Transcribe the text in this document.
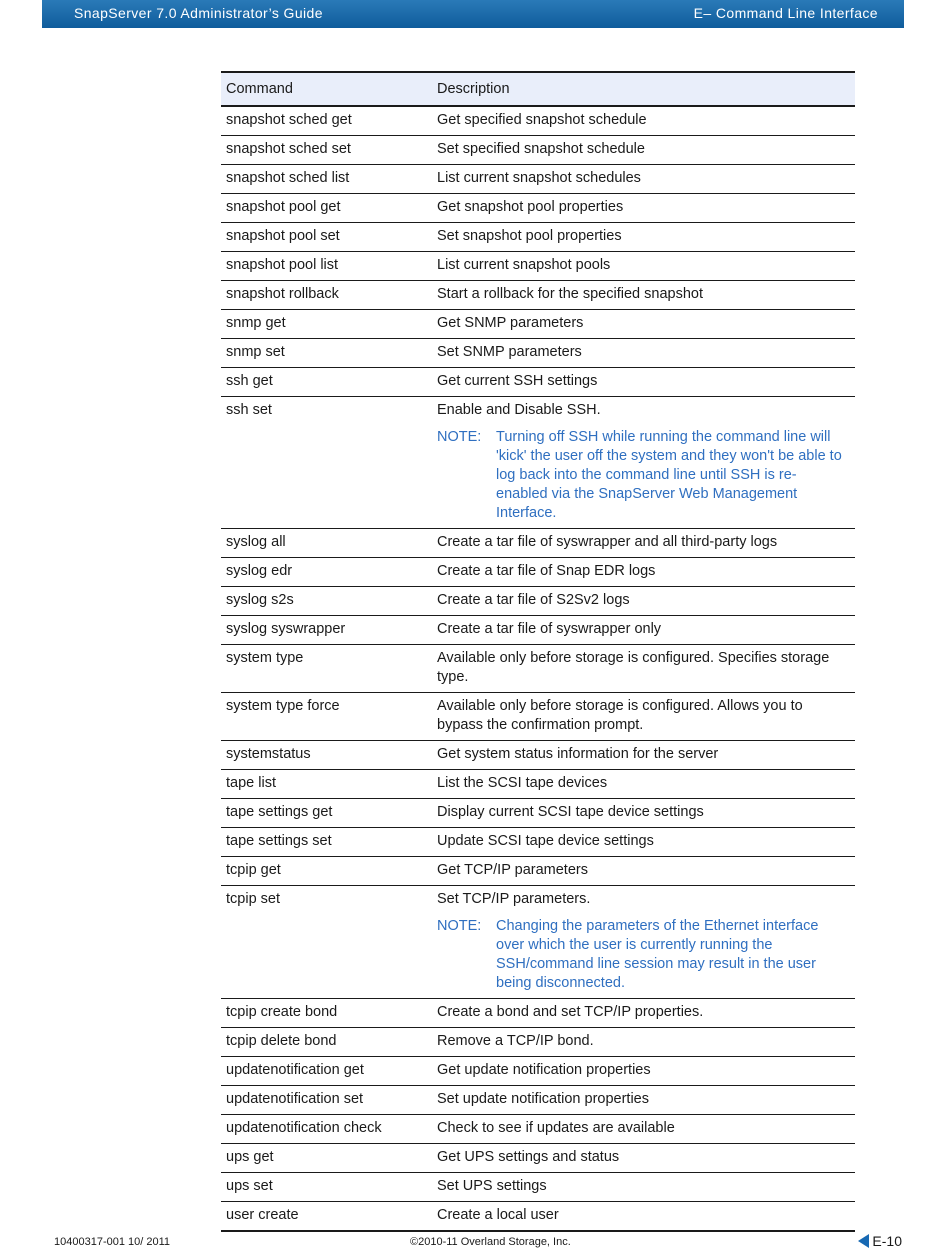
SnapServer 7.0 Administrator’s Guide	E– Command Line Interface
Command	Description
snapshot sched get	Get specified snapshot schedule

snapshot sched set	Set specified snapshot schedule

snapshot sched list	List current snapshot schedules

snapshot pool get	Get snapshot pool properties

snapshot pool set	Set snapshot pool properties

snapshot pool list	List current snapshot pools

snapshot rollback	Start a rollback for the specified snapshot

snmp get	Get SNMP parameters

snmp set	Set SNMP parameters

ssh get	Get current SSH settings

ssh set	Enable and Disable SSH.
NOTE: Turning off SSH while running the command line will 'kick' the user off the system and they won't be able to log back into the command line until SSH is re-enabled via the SnapServer Web Management Interface.

syslog all	Create a tar file of syswrapper and all third-party logs

syslog edr	Create a tar file of Snap EDR logs

syslog s2s	Create a tar file of S2Sv2 logs

syslog syswrapper	Create a tar file of syswrapper only

system type	Available only before storage is configured. Specifies storage type.

system type force	Available only before storage is configured. Allows you to bypass the confirmation prompt.

systemstatus	Get system status information for the server

tape list	List the SCSI tape devices

tape settings get	Display current SCSI tape device settings

tape settings set	Update SCSI tape device settings

tcpip get	Get TCP/IP parameters

tcpip set	Set TCP/IP parameters.
NOTE: Changing the parameters of the Ethernet interface over which the user is currently running the SSH/command line session may result in the user being disconnected.

tcpip create bond	Create a bond and set TCP/IP properties.

tcpip delete bond	Remove a TCP/IP bond.

updatenotification get	Get update notification properties

updatenotification set	Set update notification properties

updatenotification check	Check to see if updates are available

ups get	Get UPS settings and status

ups set	Set UPS settings

user create	Create a local user
10400317-001 10/ 2011	©2010-11 Overland Storage, Inc.	E-10
